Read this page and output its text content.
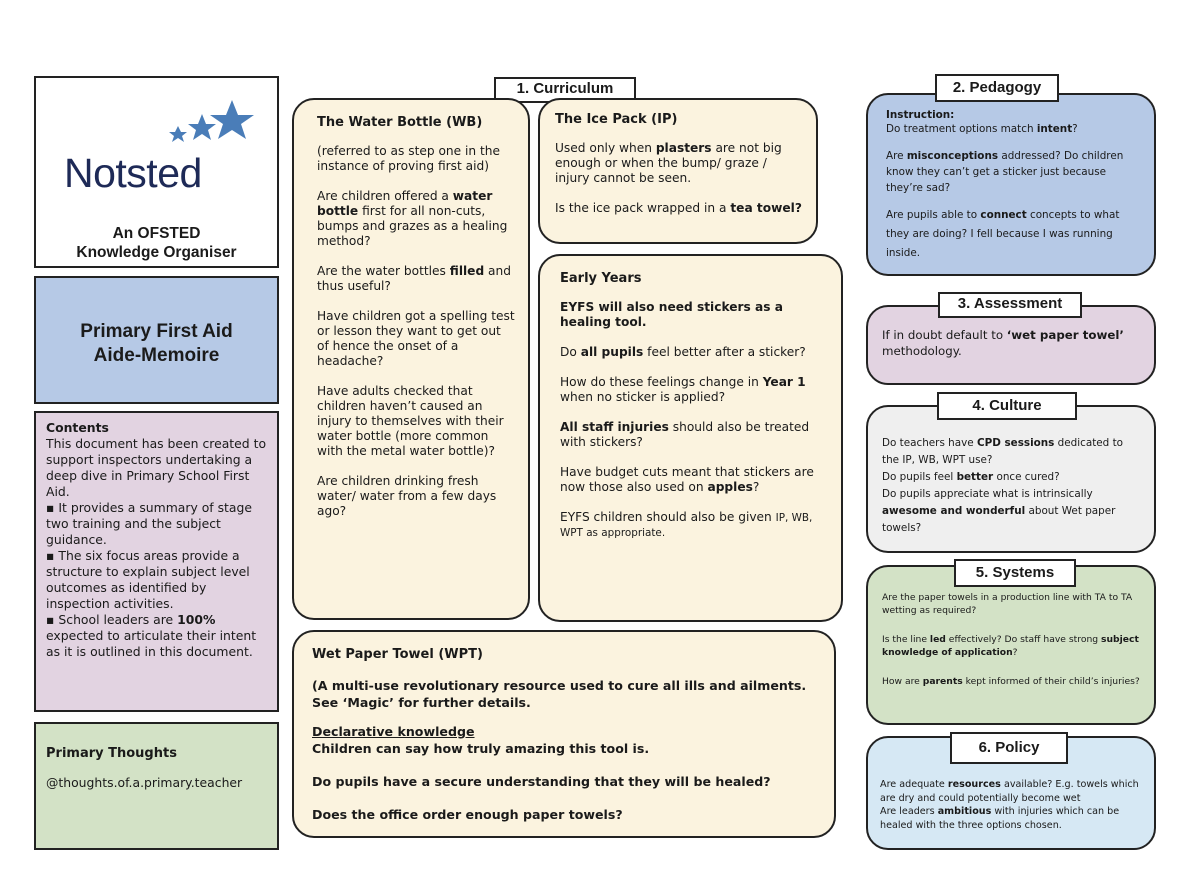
Notsted
An OFSTED
Knowledge Organiser
Primary First Aid
Aide-Memoire
Contents
This document has been created to support inspectors undertaking a deep dive in Primary School First Aid.
▪ It provides a summary of stage two training and the subject guidance.
▪ The six focus areas provide a structure to explain subject level outcomes as identified by inspection activities.
▪ School leaders are 100% expected to articulate their intent as it is outlined in this document.
Primary Thoughts
@thoughts.of.a.primary.teacher
1. Curriculum
The Water Bottle (WB)

(referred to as step one in the instance of proving first aid)

Are children offered a water bottle first for all non-cuts, bumps and grazes as a healing method?

Are the water bottles filled and thus useful?

Have children got a spelling test or lesson they want to get out of hence the onset of a headache?

Have adults checked that children haven’t caused an injury to themselves with their water bottle (more common with the metal water bottle)?

Are children drinking fresh water/ water from a few days ago?

The Ice Pack (IP)

Used only when plasters are not big enough or when the bump/ graze / injury cannot be seen.

Is the ice pack wrapped in a tea towel?

Early Years

EYFS will also need stickers as a healing tool.

Do all pupils feel better after a sticker?

How do these feelings change in Year 1 when no sticker is applied?

All staff injuries should also be treated with stickers?

Have budget cuts meant that stickers are now those also used on apples?

EYFS children should also be given IP, WB, WPT as appropriate.

Wet Paper Towel (WPT)

(A multi-use revolutionary resource used to cure all ills and ailments. See ‘Magic’ for further details.

Declarative knowledge

Children can say how truly amazing this tool is.

Do pupils have a secure understanding that they will be healed?

Does the office order enough paper towels?

Instruction:

Do treatment options match intent?

Are misconceptions addressed? Do children know they can’t get a sticker just because they’re sad?

Are pupils able to connect concepts to what they are doing? I fell because I was running inside.

2. Pedagogy
If in doubt default to ‘wet paper towel’ methodology.
3. Assessment
Do teachers have CPD sessions dedicated to the IP, WB, WPT use?
Do pupils feel better once cured?
Do pupils appreciate what is intrinsically
awesome and wonderful about Wet paper towels?
4. Culture

Are the paper towels in a production line with TA to TA wetting as required?

Is the line led effectively? Do staff have strong subject knowledge of application?

How are parents kept informed of their child’s injuries?

5. Systems
Are adequate resources available? E.g. towels which are dry and could potentially become wet
Are leaders ambitious with injuries which can be healed with the three options chosen.
6. Policy
